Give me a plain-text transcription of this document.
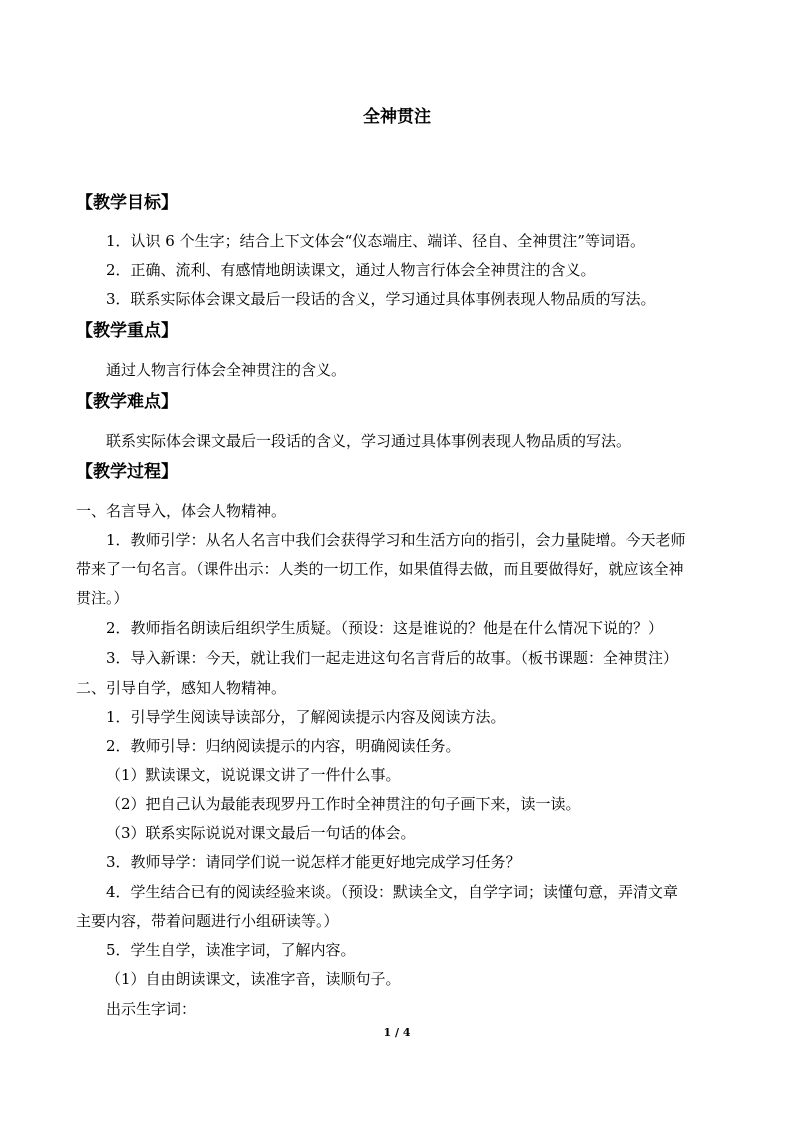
全神贯注
【教学目标】
1．认识 6 个生字；结合上下文体会“仪态端庄、端详、径自、全神贯注”等词语。
2．正确、流利、有感情地朗读课文，通过人物言行体会全神贯注的含义。
3．联系实际体会课文最后一段话的含义，学习通过具体事例表现人物品质的写法。
【教学重点】
通过人物言行体会全神贯注的含义。
【教学难点】
联系实际体会课文最后一段话的含义，学习通过具体事例表现人物品质的写法。
【教学过程】
一、名言导入，体会人物精神。
1．教师引学：从名人名言中我们会获得学习和生活方向的指引，会力量陡增。今天老师
带来了一句名言。（课件出示：人类的一切工作，如果值得去做，而且要做得好，就应该全神
贯注。）
2．教师指名朗读后组织学生质疑。（预设：这是谁说的？他是在什么情况下说的？）
3．导入新课：今天，就让我们一起走进这句名言背后的故事。（板书课题：全神贯注）
二、引导自学，感知人物精神。
1．引导学生阅读导读部分，了解阅读提示内容及阅读方法。
2．教师引导：归纳阅读提示的内容，明确阅读任务。
（1）默读课文，说说课文讲了一件什么事。
（2）把自己认为最能表现罗丹工作时全神贯注的句子画下来，读一读。
（3）联系实际说说对课文最后一句话的体会。
3．教师导学：请同学们说一说怎样才能更好地完成学习任务？
4．学生结合已有的阅读经验来谈。（预设：默读全文，自学字词；读懂句意，弄清文章
主要内容，带着问题进行小组研读等。）
5．学生自学，读准字词，了解内容。
（1）自由朗读课文，读准字音，读顺句子。
出示生字词：
1 / 4
